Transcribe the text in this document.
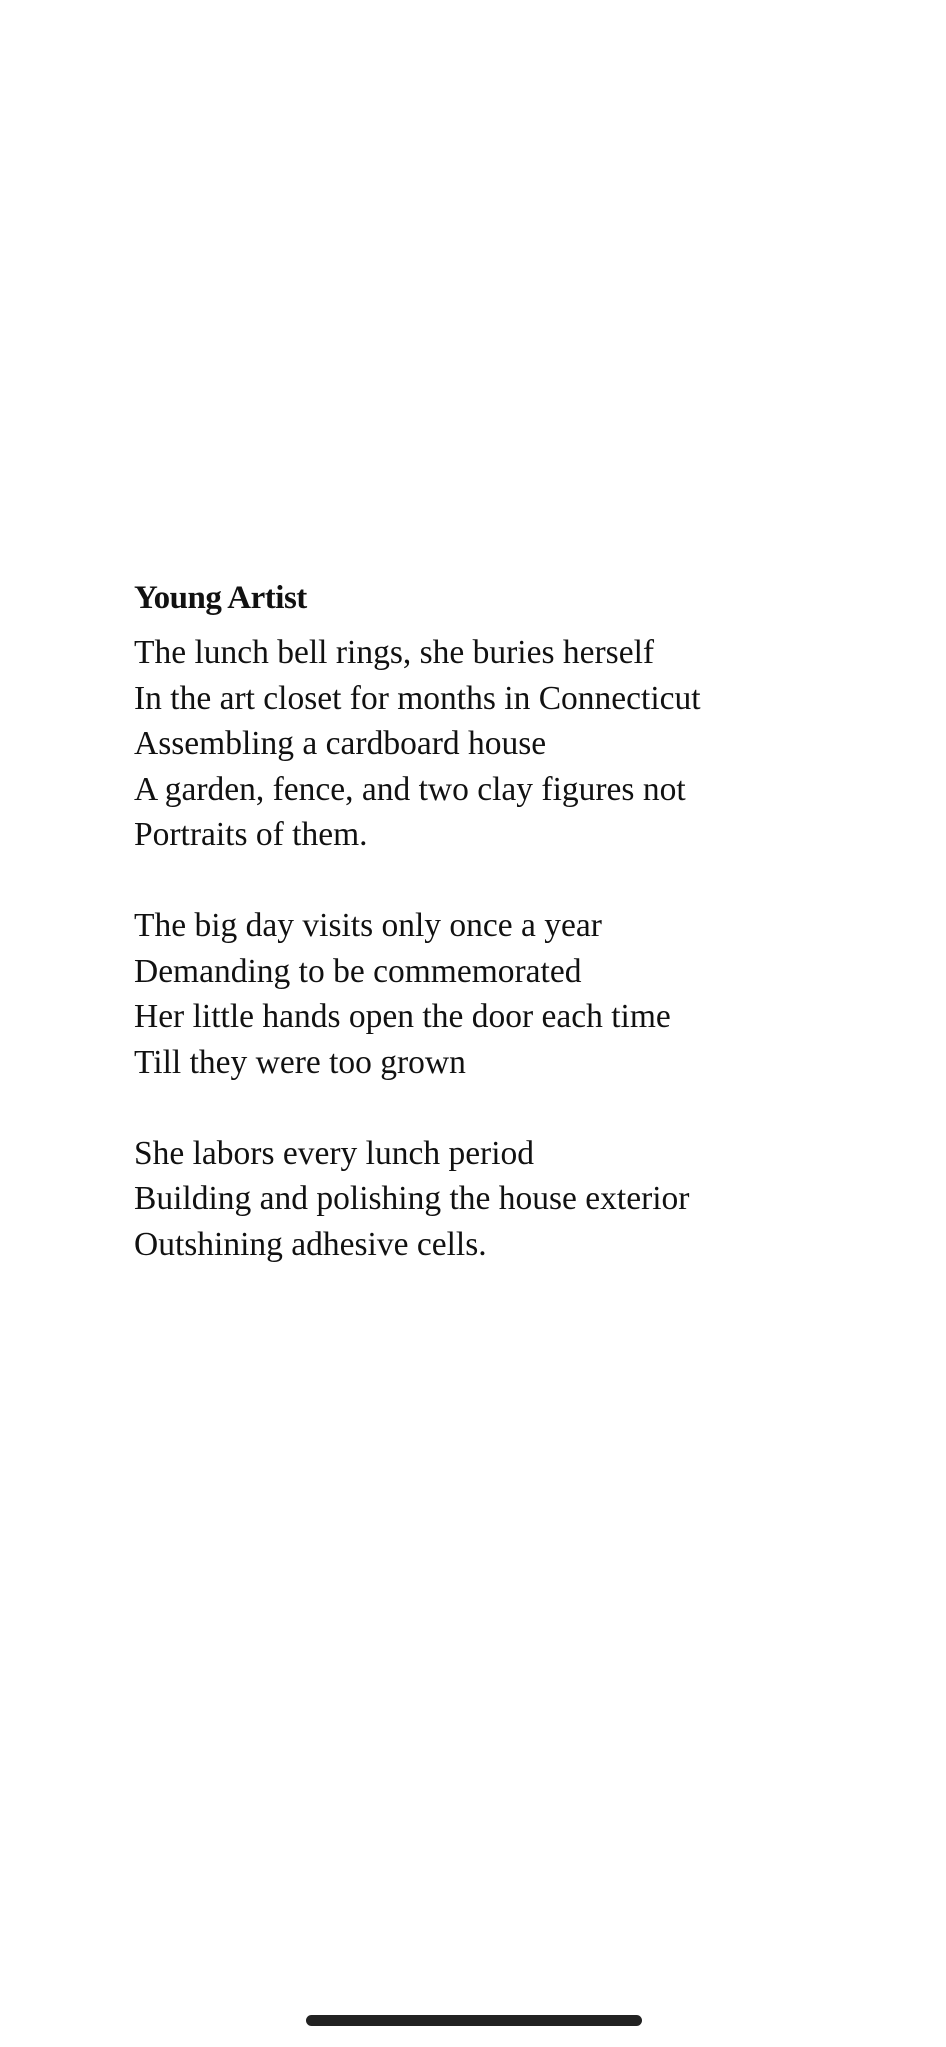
Young Artist
The lunch bell rings, she buries herself
In the art closet for months in Connecticut
Assembling a cardboard house
A garden, fence, and two clay figures not
Portraits of them.
The big day visits only once a year
Demanding to be commemorated
Her little hands open the door each time
Till they were too grown
She labors every lunch period
Building and polishing the house exterior
Outshining adhesive cells.
